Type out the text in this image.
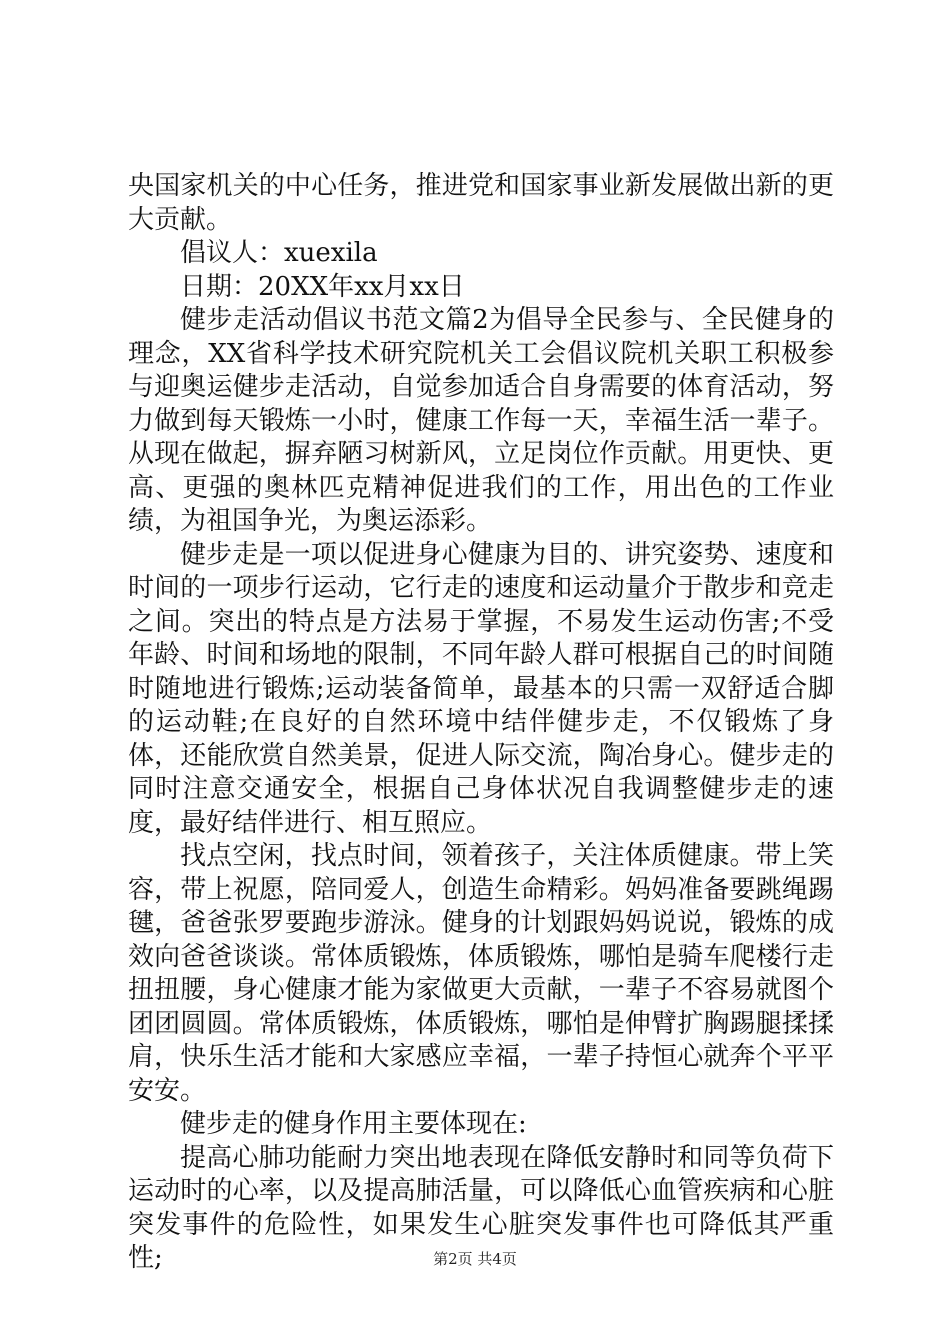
央国家机关的中心任务，推进党和国家事业新发展做出新的更大贡献。

倡议人：xuexila

日期：20XX年xx月xx日

健步走活动倡议书范文篇2为倡导全民参与、全民健身的理念，XX省科学技术研究院机关工会倡议院机关职工积极参与迎奥运健步走活动，自觉参加适合自身需要的体育活动，努力做到每天锻炼一小时，健康工作每一天，幸福生活一辈子。从现在做起，摒弃陋习树新风，立足岗位作贡献。用更快、更高、更强的奥林匹克精神促进我们的工作，用出色的工作业绩，为祖国争光，为奥运添彩。

健步走是一项以促进身心健康为目的、讲究姿势、速度和时间的一项步行运动，它行走的速度和运动量介于散步和竞走之间。突出的特点是方法易于掌握，不易发生运动伤害;不受年龄、时间和场地的限制，不同年龄人群可根据自己的时间随时随地进行锻炼;运动装备简单，最基本的只需一双舒适合脚的运动鞋;在良好的自然环境中结伴健步走，不仅锻炼了身体，还能欣赏自然美景，促进人际交流，陶冶身心。健步走的同时注意交通安全，根据自己身体状况自我调整健步走的速度，最好结伴进行、相互照应。

找点空闲，找点时间，领着孩子，关注体质健康。带上笑容，带上祝愿，陪同爱人，创造生命精彩。妈妈准备要跳绳踢毽，爸爸张罗要跑步游泳。健身的计划跟妈妈说说，锻炼的成效向爸爸谈谈。常体质锻炼，体质锻炼，哪怕是骑车爬楼行走扭扭腰，身心健康才能为家做更大贡献，一辈子不容易就图个团团圆圆。常体质锻炼，体质锻炼，哪怕是伸臂扩胸踢腿揉揉肩，快乐生活才能和大家感应幸福，一辈子持恒心就奔个平平安安。

健步走的健身作用主要体现在:

提高心肺功能耐力突出地表现在降低安静时和同等负荷下运动时的心率，以及提高肺活量，可以降低心血管疾病和心脏突发事件的危险性，如果发生心脏突发事件也可降低其严重性;	第2页 共4页
